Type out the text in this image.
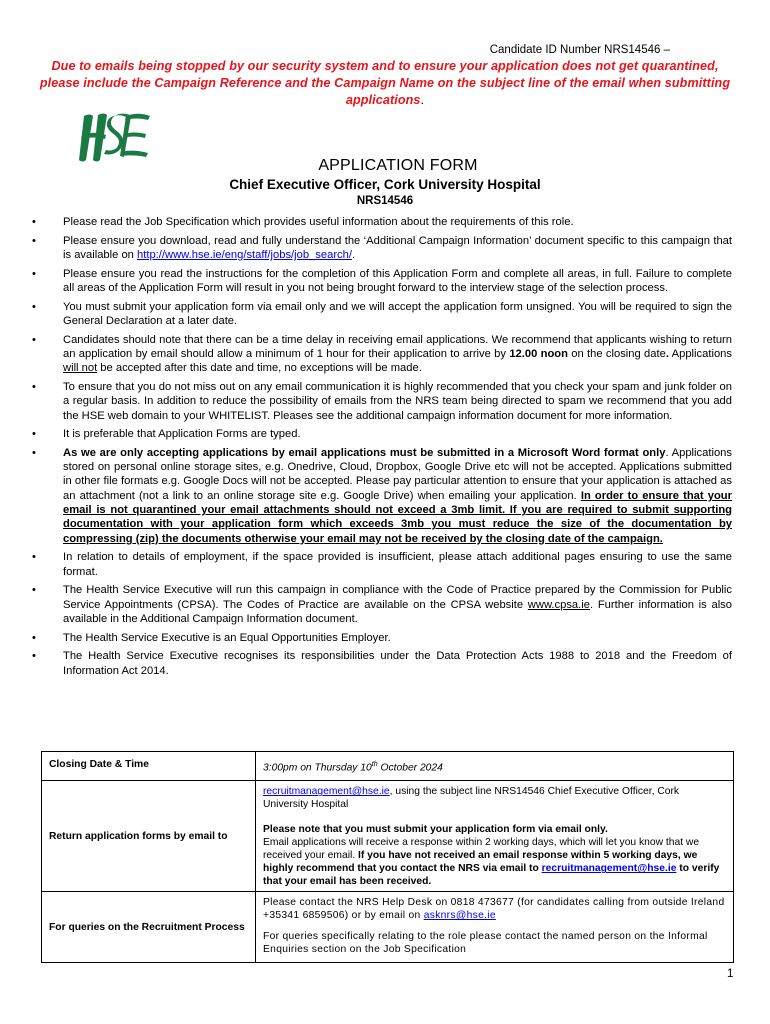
Candidate ID Number NRS14546 –
Due to emails being stopped by our security system and to ensure your application does not get quarantined, please include the Campaign Reference and the Campaign Name on the subject line of the email when submitting applications.
HSE
APPLICATION FORM
Chief Executive Officer, Cork University Hospital
NRS14546
• Please read the Job Specification which provides useful information about the requirements of this role.
• Please ensure you download, read and fully understand the ‘Additional Campaign Information’ document specific to this campaign that is available on http://www.hse.ie/eng/staff/jobs/job_search/.
• Please ensure you read the instructions for the completion of this Application Form and complete all areas, in full. Failure to complete all areas of the Application Form will result in you not being brought forward to the interview stage of the selection process.
• You must submit your application form via email only and we will accept the application form unsigned. You will be required to sign the General Declaration at a later date.
• Candidates should note that there can be a time delay in receiving email applications. We recommend that applicants wishing to return an application by email should allow a minimum of 1 hour for their application to arrive by 12.00 noon on the closing date. Applications will not be accepted after this date and time, no exceptions will be made.
• To ensure that you do not miss out on any email communication it is highly recommended that you check your spam and junk folder on a regular basis. In addition to reduce the possibility of emails from the NRS team being directed to spam we recommend that you add the HSE web domain to your WHITELIST. Pleases see the additional campaign information document for more information.
• It is preferable that Application Forms are typed.
• As we are only accepting applications by email applications must be submitted in a Microsoft Word format only. Applications stored on personal online storage sites, e.g. Onedrive, Cloud, Dropbox, Google Drive etc will not be accepted. Applications submitted in other file formats e.g. Google Docs will not be accepted. Please pay particular attention to ensure that your application is attached as an attachment (not a link to an online storage site e.g. Google Drive) when emailing your application. In order to ensure that your email is not quarantined your email attachments should not exceed a 3mb limit. If you are required to submit supporting documentation with your application form which exceeds 3mb you must reduce the size of the documentation by compressing (zip) the documents otherwise your email may not be received by the closing date of the campaign.
• In relation to details of employment, if the space provided is insufficient, please attach additional pages ensuring to use the same format.
• The Health Service Executive will run this campaign in compliance with the Code of Practice prepared by the Commission for Public Service Appointments (CPSA). The Codes of Practice are available on the CPSA website www.cpsa.ie. Further information is also available in the Additional Campaign Information document.
• The Health Service Executive is an Equal Opportunities Employer.
• The Health Service Executive recognises its responsibilities under the Data Protection Acts 1988 to 2018 and the Freedom of Information Act 2014.
Closing Date & Time	3:00pm on Thursday 10th October 2024
Return application forms by email to	recruitmanagement@hse.ie, using the subject line NRS14546 Chief Executive Officer, Cork University Hospital
Please note that you must submit your application form via email only.
Email applications will receive a response within 2 working days, which will let you know that we received your email. If you have not received an email response within 5 working days, we highly recommend that you contact the NRS via email to recruitmanagement@hse.ie to verify that your email has been received.

For queries on the Recruitment Process	Please contact the NRS Help Desk on 0818 473677 (for candidates calling from outside Ireland +35341 6859506) or by email on asknrs@hse.ie
For queries specifically relating to the role please contact the named person on the Informal Enquiries section on the Job Specification
1
